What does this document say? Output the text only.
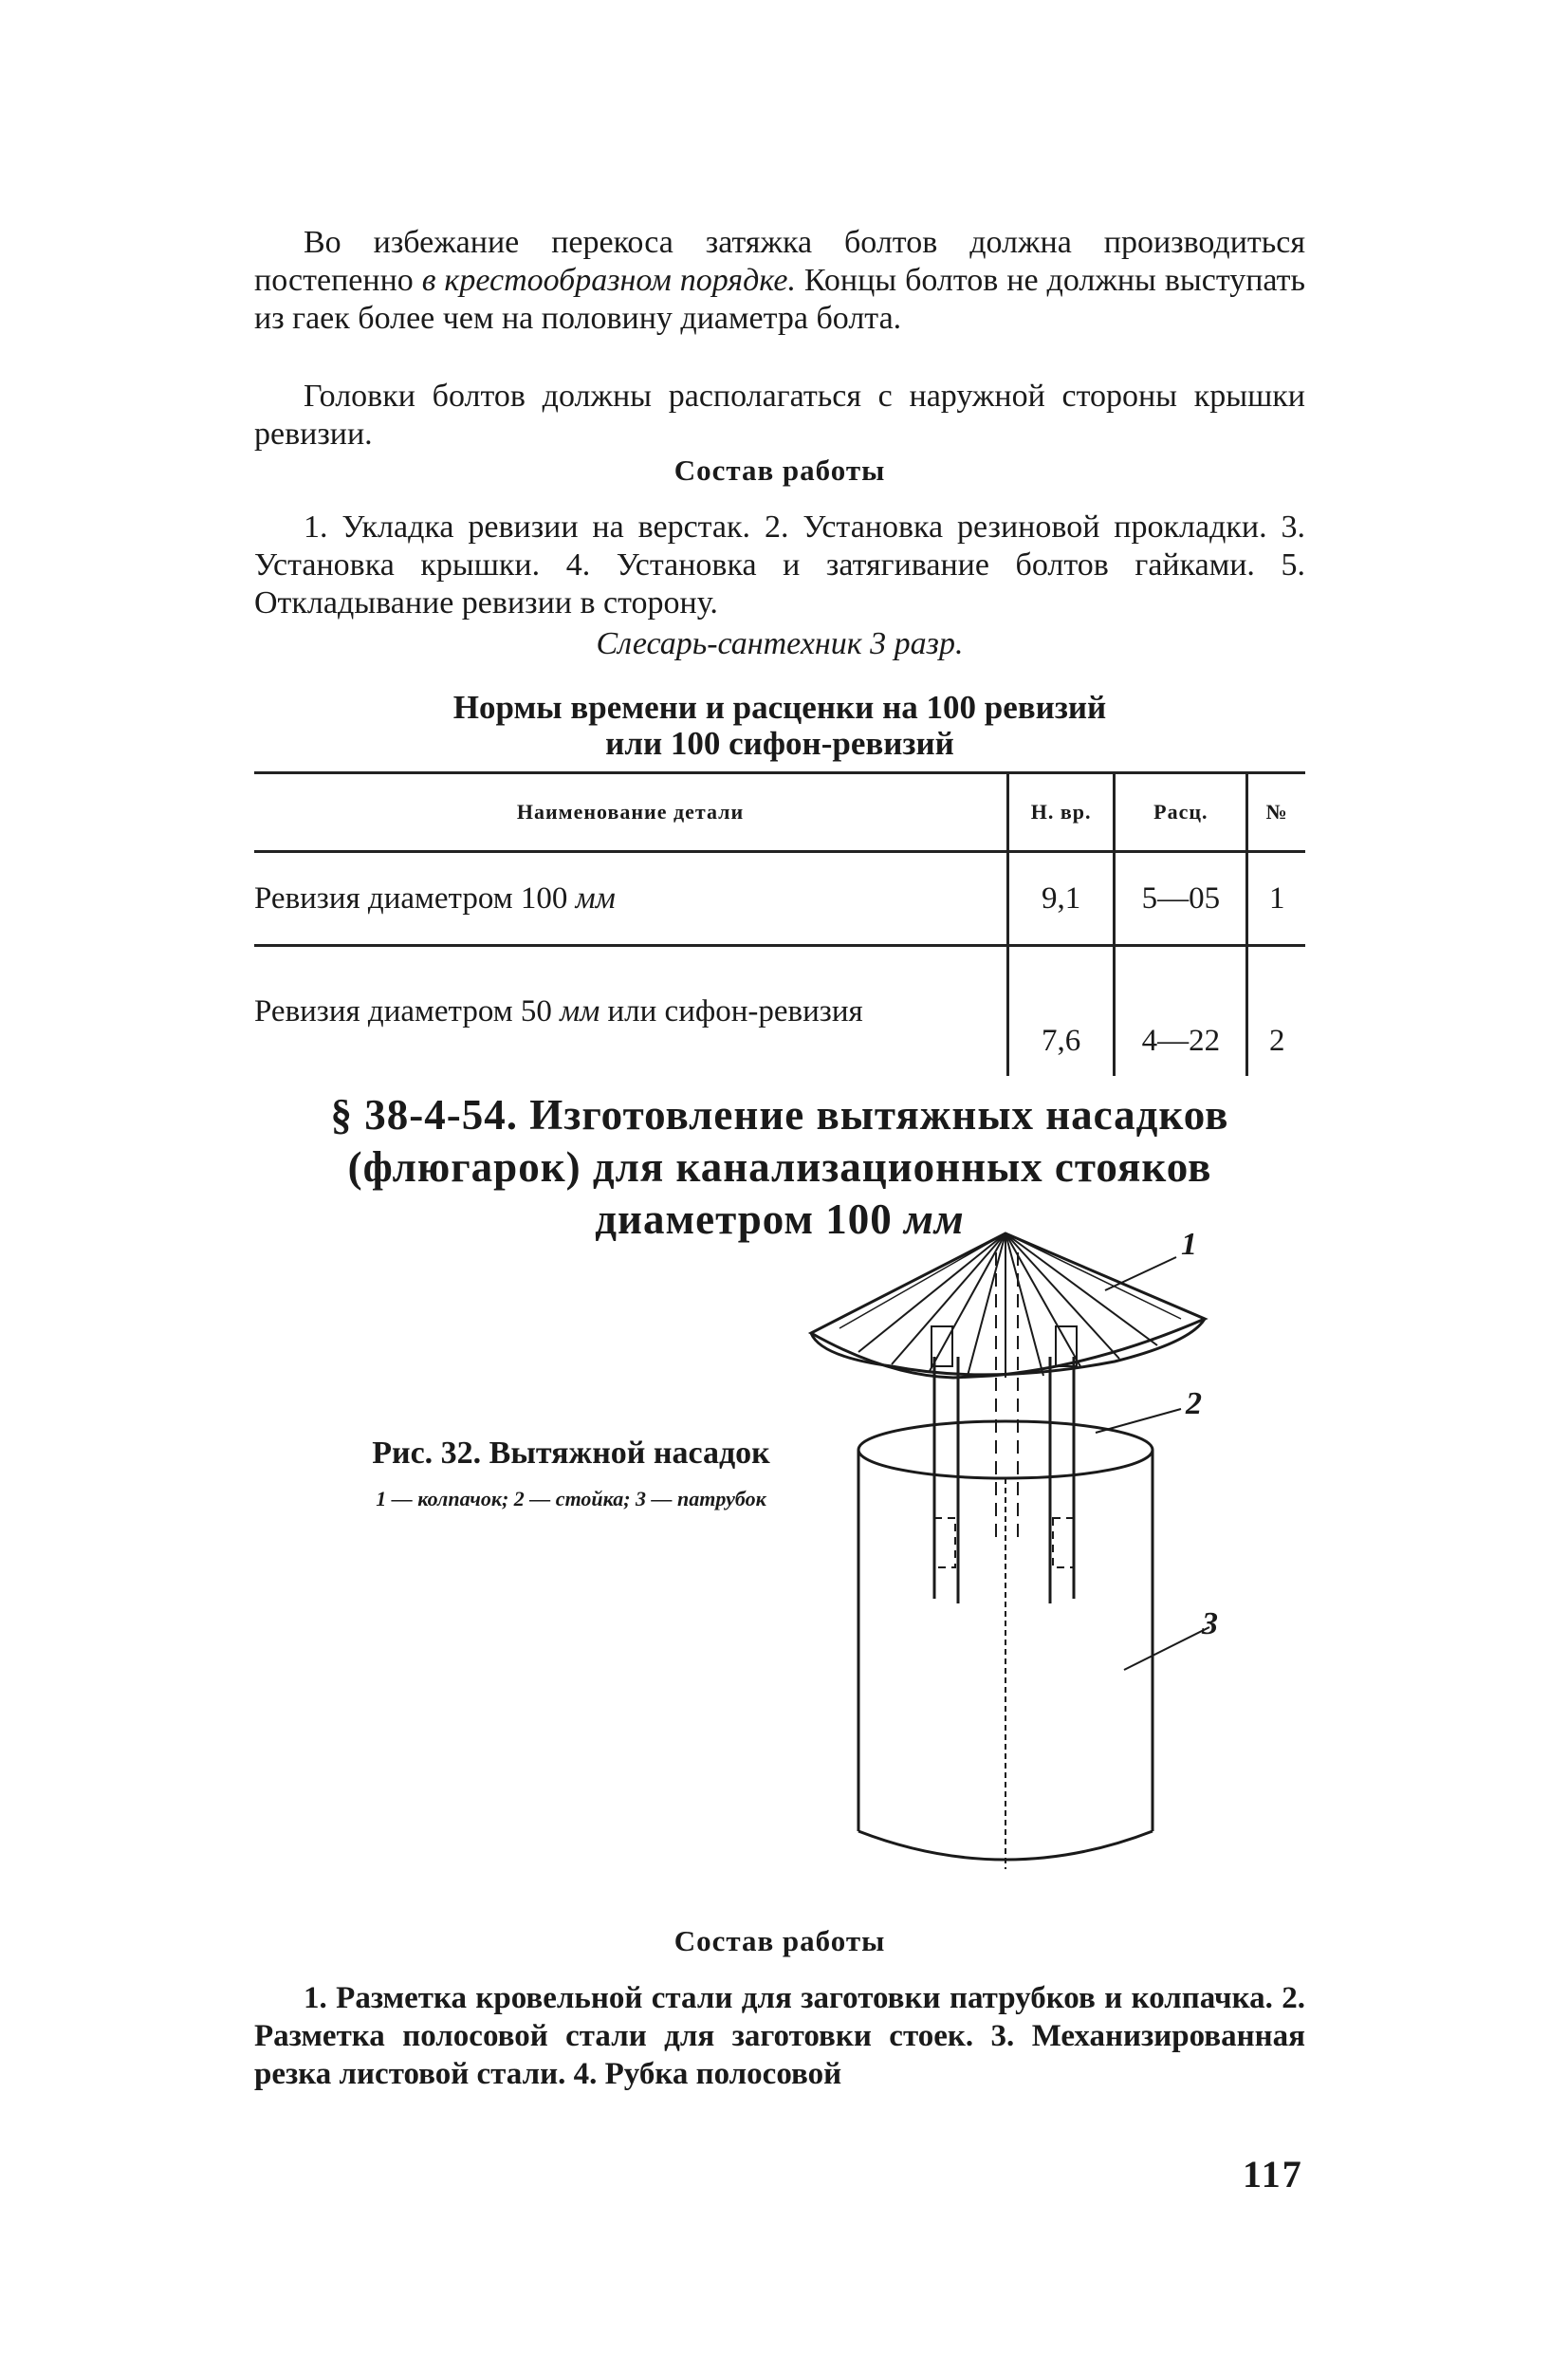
Во избежание перекоса затяжка болтов должна производиться постепенно в крестообразном порядке. Концы болтов не должны выступать из гаек более чем на половину диаметра болта.

Головки болтов должны располагаться с наружной стороны крышки ревизии.

Состав работы

1. Укладка ревизии на верстак. 2. Установка резиновой прокладки. 3. Установка крышки. 4. Установка и затягивание болтов гайками. 5. Откладывание ревизии в сторону.

Слесарь-сантехник 3 разр.
Нормы времени и расценки на 100 ревизий
или 100 сифон-ревизий
Наименование детали	Н. вр.	Расц.	№
Ревизия диаметром 100 мм	9,1	5—05	1
Ревизия диаметром 50 мм или сифон-ревизия	7,6	4—22	2
§ 38-4-54. Изготовление вытяжных насадков
(флюгарок) для канализационных стояков
диаметром 100 мм
Рис. 32. Вытяжной насадок
1 — колпачок; 2 — стойка; 3 — патрубок
1
2
3
Состав работы

1. Разметка кровельной стали для заготовки патрубков и колпачка. 2. Разметка полосовой стали для заготовки стоек. 3. Механизированная резка листовой стали. 4. Рубка полосовой

117
